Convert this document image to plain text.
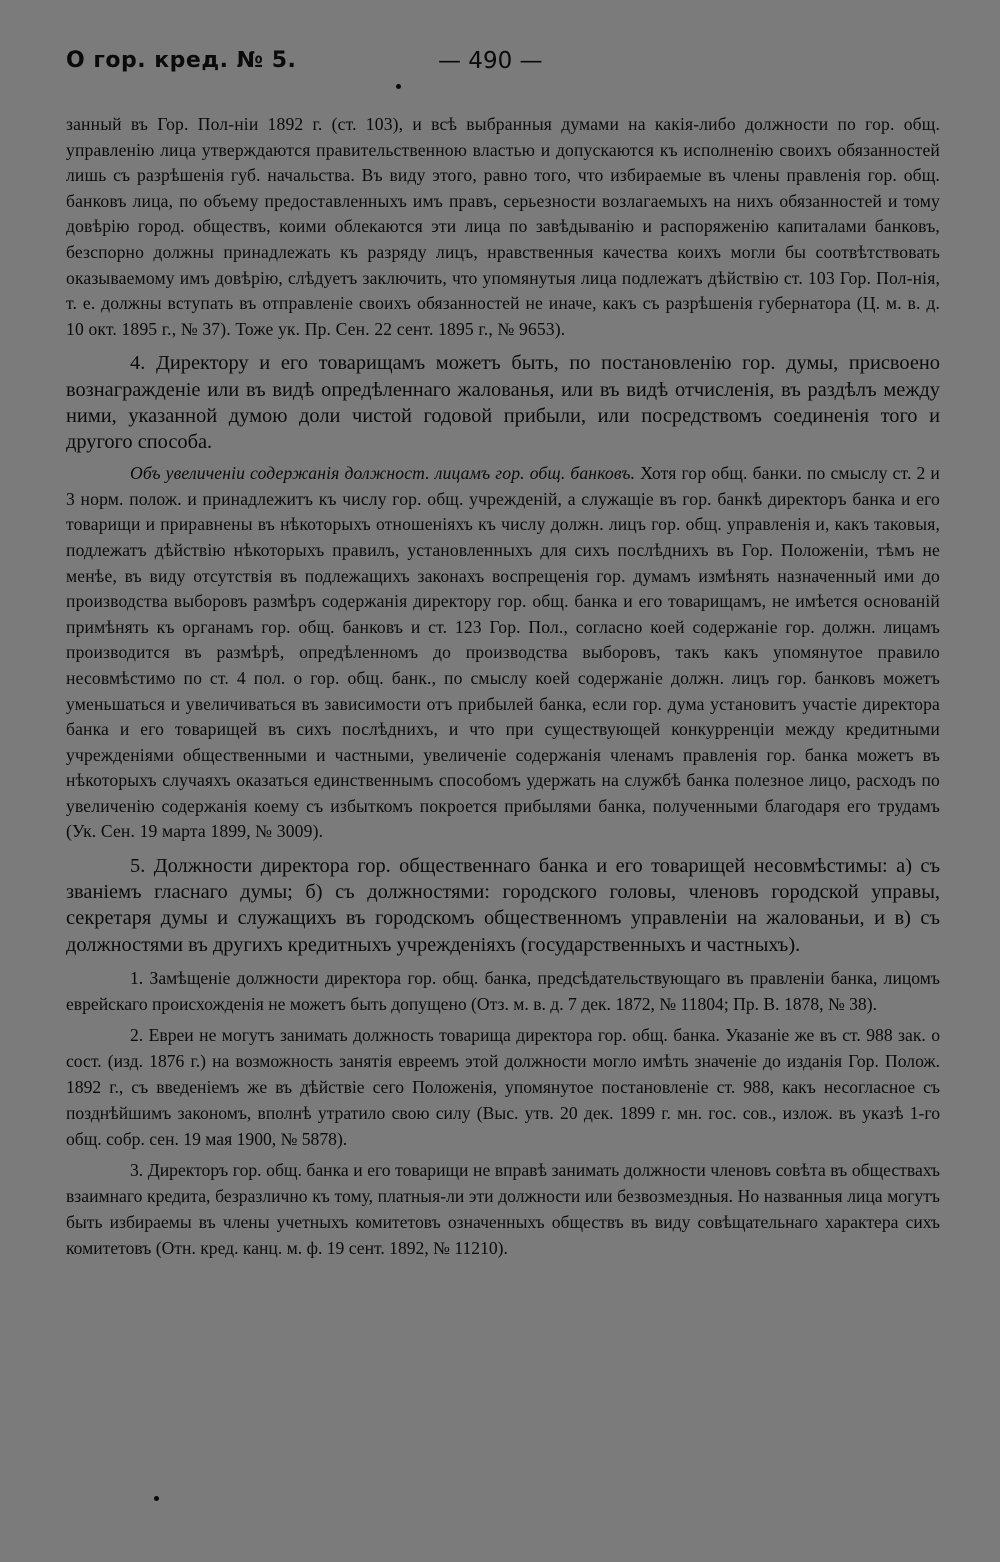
О гор. кред. № 5.	— 490 —

занный въ Гор. Пол-ніи 1892 г. (ст. 103), и всѣ выбранныя думами на какія-либо должности по гор. общ. управленію лица утверждаются правительственною властью и допускаются къ исполненію своихъ обязанностей лишь съ разрѣшенія губ. начальства. Въ виду этого, равно того, что избираемые въ члены правленія гор. общ. банковъ лица, по объему предоставленныхъ имъ правъ, серьезности возлагаемыхъ на нихъ обязанностей и тому довѣрію город. обществъ, коими облекаются эти лица по завѣдыванію и распоряженію капиталами банковъ, безспорно должны принадлежать къ разряду лицъ, нравственныя качества коихъ могли бы соотвѣтствовать оказываемому имъ довѣрію, слѣдуетъ заключить, что упомянутыя лица подлежатъ дѣйствію ст. 103 Гор. Пол-нія, т. е. должны вступать въ отправленіе своихъ обязанностей не иначе, какъ съ разрѣшенія губернатора (Ц. м. в. д. 10 окт. 1895 г., № 37). Тоже ук. Пр. Сен. 22 сент. 1895 г., № 9653).

4. Директору и его товарищамъ можетъ быть, по постановленію гор. думы, присвоено вознагражденіе или въ видѣ опредѣленнаго жалованья, или въ видѣ отчисленія, въ раздѣлъ между ними, указанной думою доли чистой годовой прибыли, или посредствомъ соединенія того и другого способа.

Объ увеличеніи содержанія должност. лицамъ гор. общ. банковъ. Хотя гор общ. банки. по смыслу ст. 2 и 3 норм. полож. и принадлежитъ къ числу гор. общ. учрежденій, а служащіе въ гор. банкѣ директоръ банка и его товарищи и приравнены въ нѣкоторыхъ отношеніяхъ къ числу должн. лицъ гор. общ. управленія и, какъ таковыя, подлежатъ дѣйствію нѣкоторыхъ правилъ, установленныхъ для сихъ послѣднихъ въ Гор. Положеніи, тѣмъ не менѣе, въ виду отсутствія въ подлежащихъ законахъ воспрещенія гор. думамъ измѣнять назначенный ими до производства выборовъ размѣръ содержанія директору гор. общ. банка и его товарищамъ, не имѣется основаній примѣнять къ органамъ гор. общ. банковъ и ст. 123 Гор. Пол., согласно коей содержаніе гор. должн. лицамъ производится въ размѣрѣ, опредѣленномъ до производства выборовъ, такъ какъ упомянутое правило несовмѣстимо по ст. 4 пол. о гор. общ. банк., по смыслу коей содержаніе должн. лицъ гор. банковъ можетъ уменьшаться и увеличиваться въ зависимости отъ прибылей банка, если гор. дума установитъ участіе директора банка и его товарищей въ сихъ послѣднихъ, и что при существующей конкурренціи между кредитными учрежденіями общественными и частными, увеличеніе содержанія членамъ правленія гор. банка можетъ въ нѣкоторыхъ случаяхъ оказаться единственнымъ способомъ удержать на службѣ банка полезное лицо, расходъ по увеличенію содержанія коему съ избыткомъ покроется прибылями банка, полученными благодаря его трудамъ (Ук. Сен. 19 марта 1899, № 3009).

5. Должности директора гор. общественнаго банка и его товарищей несовмѣстимы: а) съ званіемъ гласнаго думы; б) съ должностями: городского головы, членовъ городской управы, секретаря думы и служащихъ въ городскомъ общественномъ управленіи на жалованьи, и в) съ должностями въ другихъ кредитныхъ учрежденіяхъ (государственныхъ и частныхъ).

1. Замѣщеніе должности директора гор. общ. банка, предсѣдательствующаго въ правленіи банка, лицомъ еврейскаго происхожденія не можетъ быть допущено (Отз. м. в. д. 7 дек. 1872, № 11804; Пр. В. 1878, № 38).

2. Евреи не могутъ занимать должность товарища директора гор. общ. банка. Указаніе же въ ст. 988 зак. о сост. (изд. 1876 г.) на возможность занятія евреемъ этой должности могло имѣть значеніе до изданія Гор. Полож. 1892 г., съ введеніемъ же въ дѣйствіе сего Положенія, упомянутое постановленіе ст. 988, какъ несогласное съ позднѣйшимъ закономъ, вполнѣ утратило свою силу (Выс. утв. 20 дек. 1899 г. мн. гос. сов., излож. въ указѣ 1-го общ. собр. сен. 19 мая 1900, № 5878).

3. Директоръ гор. общ. банка и его товарищи не вправѣ занимать должности членовъ совѣта въ обществахъ взаимнаго кредита, безразлично къ тому, платныя-ли эти должности или безвозмездныя. Но названныя лица могутъ быть избираемы въ члены учетныхъ комитетовъ означенныхъ обществъ въ виду совѣщательнаго характера сихъ комитетовъ (Отн. кред. канц. м. ф. 19 сент. 1892, № 11210).
